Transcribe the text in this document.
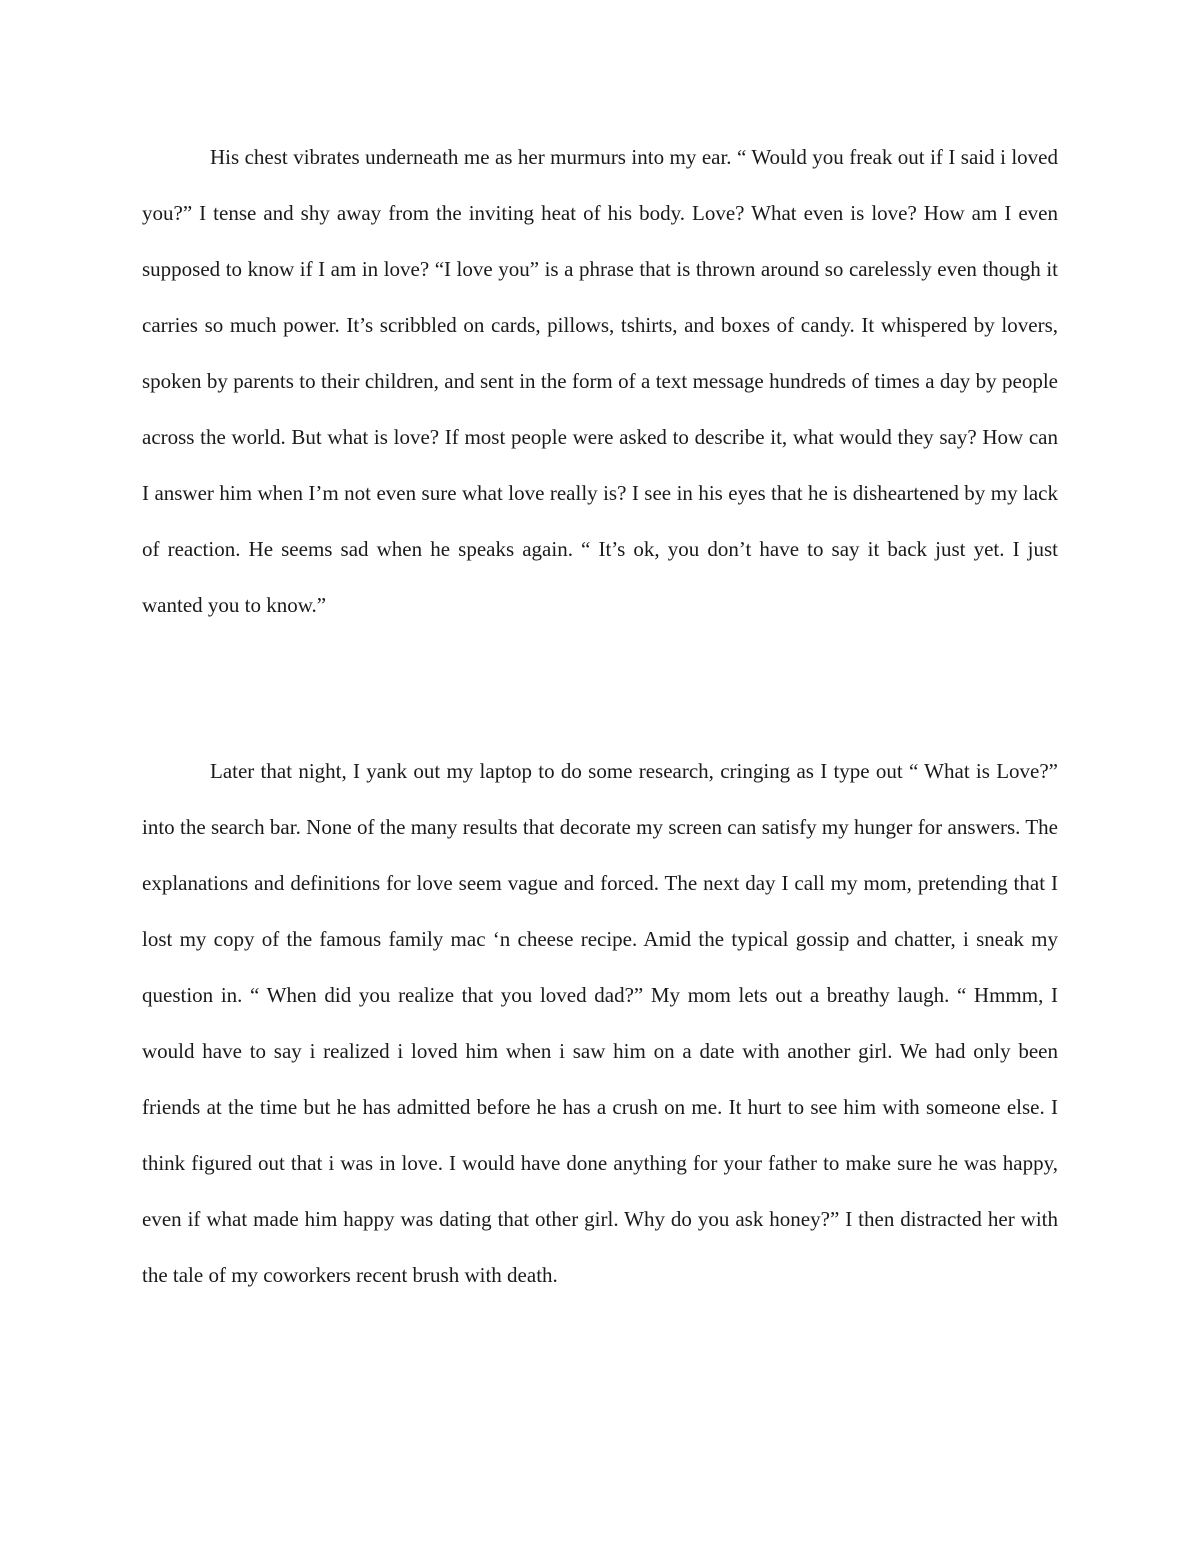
His chest vibrates underneath me as her murmurs into my ear. “ Would you freak out if I said i loved you?” I tense and shy away from the inviting heat of his body. Love? What even is love? How am I even supposed to know if I am in love? “I love you” is a phrase that is thrown around so carelessly even though it carries so much power. It’s scribbled on cards, pillows, tshirts, and boxes of candy. It whispered by lovers, spoken by parents to their children, and sent in the form of a text message hundreds of times a day by people across the world. But what is love? If most people were asked to describe it, what would they say? How can I answer him when I’m not even sure what love really is? I see in his eyes that he is disheartened by my lack of reaction. He seems sad when he speaks again. “ It’s ok, you don’t have to say it back just yet. I just wanted you to know.”

Later that night, I yank out my laptop to do some research, cringing as I type out “ What is Love?” into the search bar. None of the many results that decorate my screen can satisfy my hunger for answers. The explanations and definitions for love seem vague and forced. The next day I call my mom, pretending that I lost my copy of the famous family mac ‘n cheese recipe. Amid the typical gossip and chatter, i sneak my question in. “ When did you realize that you loved dad?” My mom lets out a breathy laugh. “ Hmmm, I would have to say i realized i loved him when i saw him on a date with another girl. We had only been friends at the time but he has admitted before he has a crush on me. It hurt to see him with someone else. I think figured out that i was in love. I would have done anything for your father to make sure he was happy, even if what made him happy was dating that other girl. Why do you ask honey?” I then distracted her with the tale of my coworkers recent brush with death.
